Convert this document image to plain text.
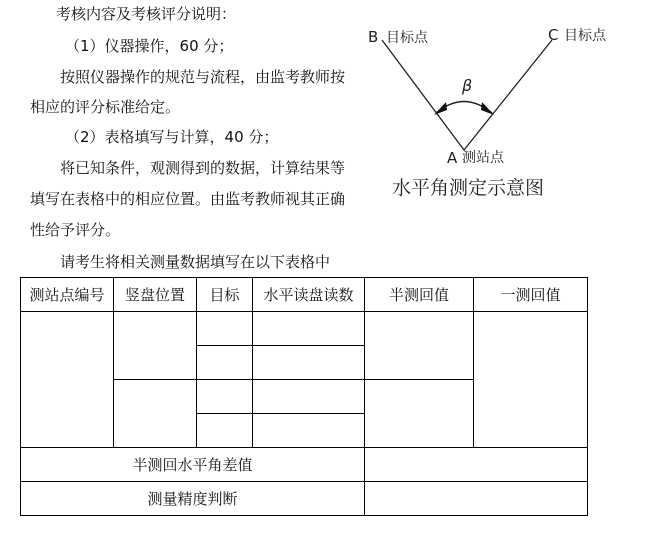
考核内容及考核评分说明：
（1）仪器操作，60 分；
按照仪器操作的规范与流程，由监考教师按
相应的评分标准给定。
（2）表格填写与计算，40 分；
将已知条件，观测得到的数据，计算结果等
填写在表格中的相应位置。由监考教师视其正确
性给予评分。
请考生将相关测量数据填写在以下表格中
B 目标点	C 目标点
β
A 测站点
水平角测定示意图
测站点编号	竖盘位置	目标	水平读盘读数	半测回值	一测回值

半测回水平角差值					
测量精度判断					
